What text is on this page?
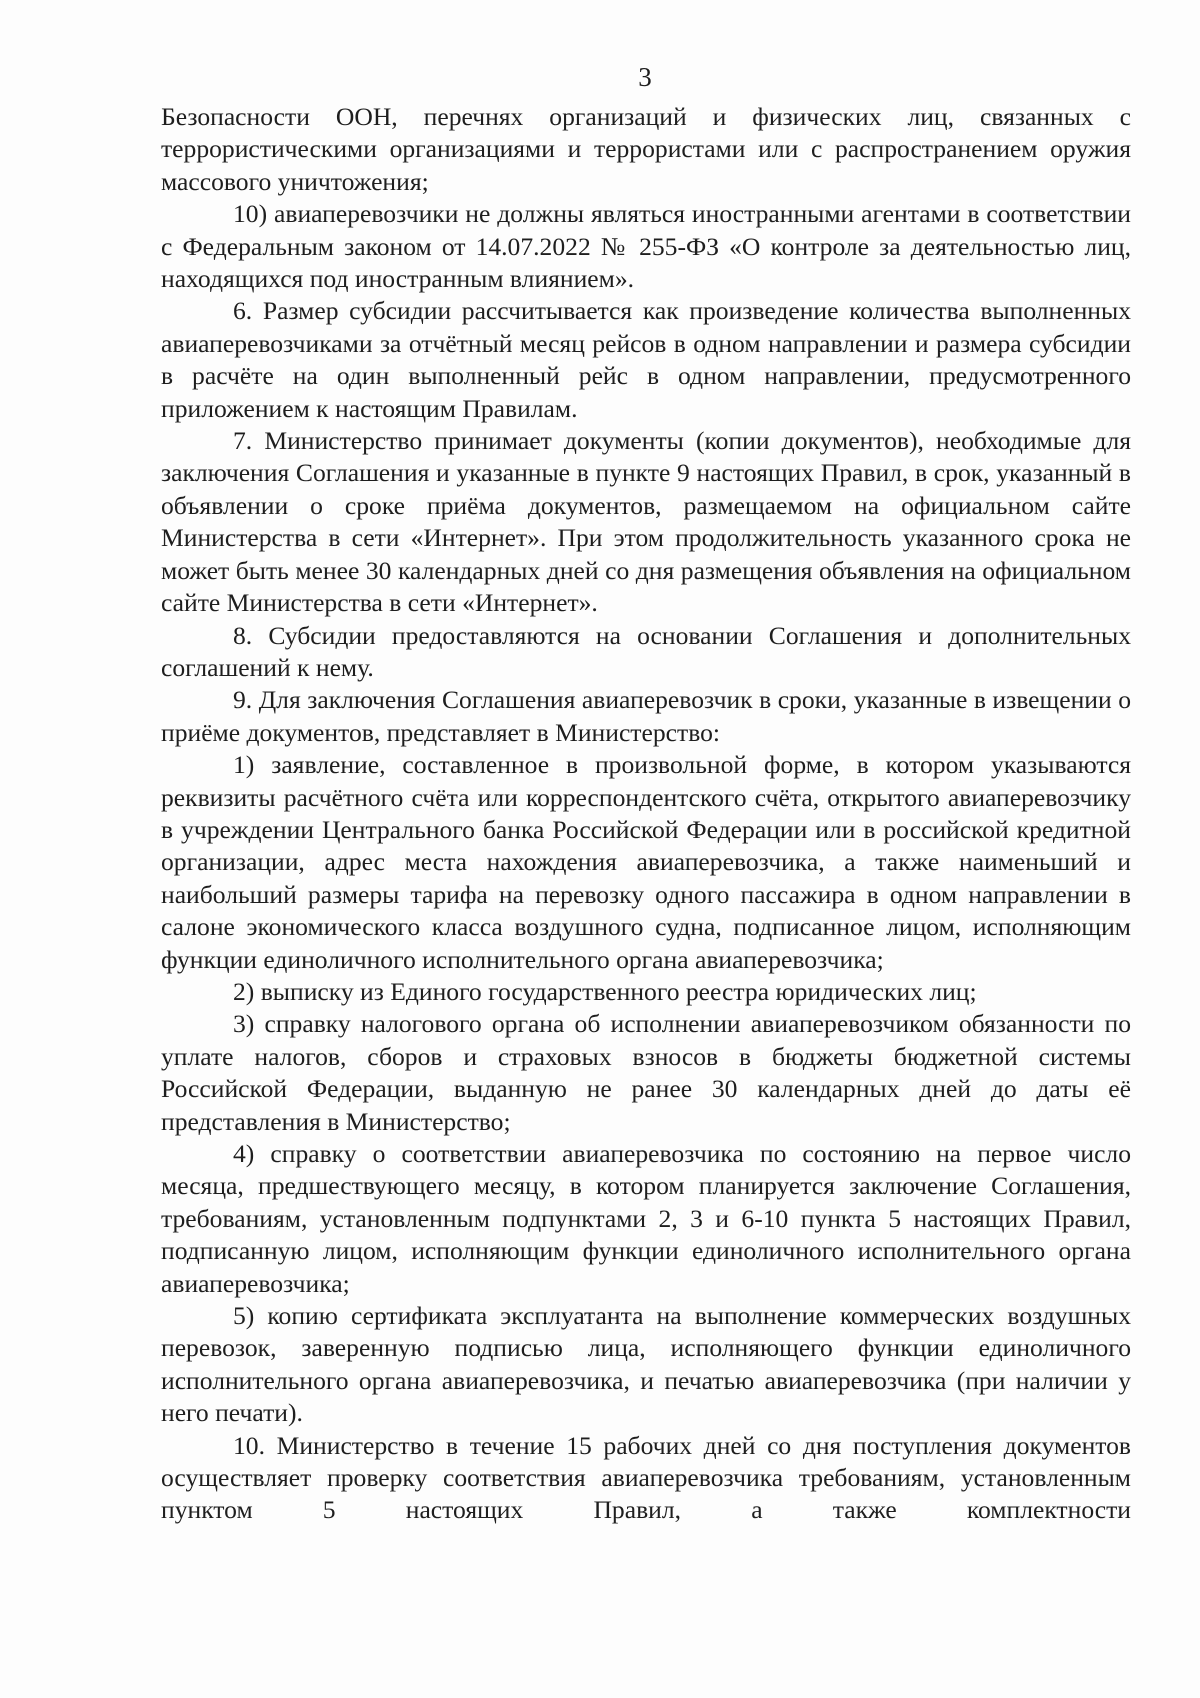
3

Безопасности ООН, перечнях организаций и физических лиц, связанных с террористическими организациями и террористами или с распространением оружия массового уничтожения;

10) авиаперевозчики не должны являться иностранными агентами в соответствии с Федеральным законом от 14.07.2022 № 255-ФЗ «О контроле за деятельностью лиц, находящихся под иностранным влиянием».

6. Размер субсидии рассчитывается как произведение количества выполненных авиаперевозчиками за отчётный месяц рейсов в одном направлении и размера субсидии в расчёте на один выполненный рейс в одном направлении, предусмотренного приложением к настоящим Правилам.

7. Министерство принимает документы (копии документов), необходимые для заключения Соглашения и указанные в пункте 9 настоящих Правил, в срок, указанный в объявлении о сроке приёма документов, размещаемом на официальном сайте Министерства в сети «Интернет». При этом продолжительность указанного срока не может быть менее 30 календарных дней со дня размещения объявления на официальном сайте Министерства в сети «Интернет».

8. Субсидии предоставляются на основании Соглашения и дополнительных соглашений к нему.

9. Для заключения Соглашения авиаперевозчик в сроки, указанные в извещении о приёме документов, представляет в Министерство:

1) заявление, составленное в произвольной форме, в котором указываются реквизиты расчётного счёта или корреспондентского счёта, открытого авиаперевозчику в учреждении Центрального банка Российской Федерации или в российской кредитной организации, адрес места нахождения авиаперевозчика, а также наименьший и наибольший размеры тарифа на перевозку одного пассажира в одном направлении в салоне экономического класса воздушного судна, подписанное лицом, исполняющим функции единоличного исполнительного органа авиаперевозчика;

2) выписку из Единого государственного реестра юридических лиц;

3) справку налогового органа об исполнении авиаперевозчиком обязанности по уплате налогов, сборов и страховых взносов в бюджеты бюджетной системы Российской Федерации, выданную не ранее 30 календарных дней до даты её представления в Министерство;

4) справку о соответствии авиаперевозчика по состоянию на первое число месяца, предшествующего месяцу, в котором планируется заключение Соглашения, требованиям, установленным подпунктами 2, 3 и 6-10 пункта 5 настоящих Правил, подписанную лицом, исполняющим функции единоличного исполнительного органа авиаперевозчика;

5) копию сертификата эксплуатанта на выполнение коммерческих воздушных перевозок, заверенную подписью лица, исполняющего функции единоличного исполнительного органа авиаперевозчика, и печатью авиаперевозчика (при наличии у него печати).

10. Министерство в течение 15 рабочих дней со дня поступления документов осуществляет проверку соответствия авиаперевозчика требованиям, установленным пунктом 5 настоящих Правил, а также комплектности
